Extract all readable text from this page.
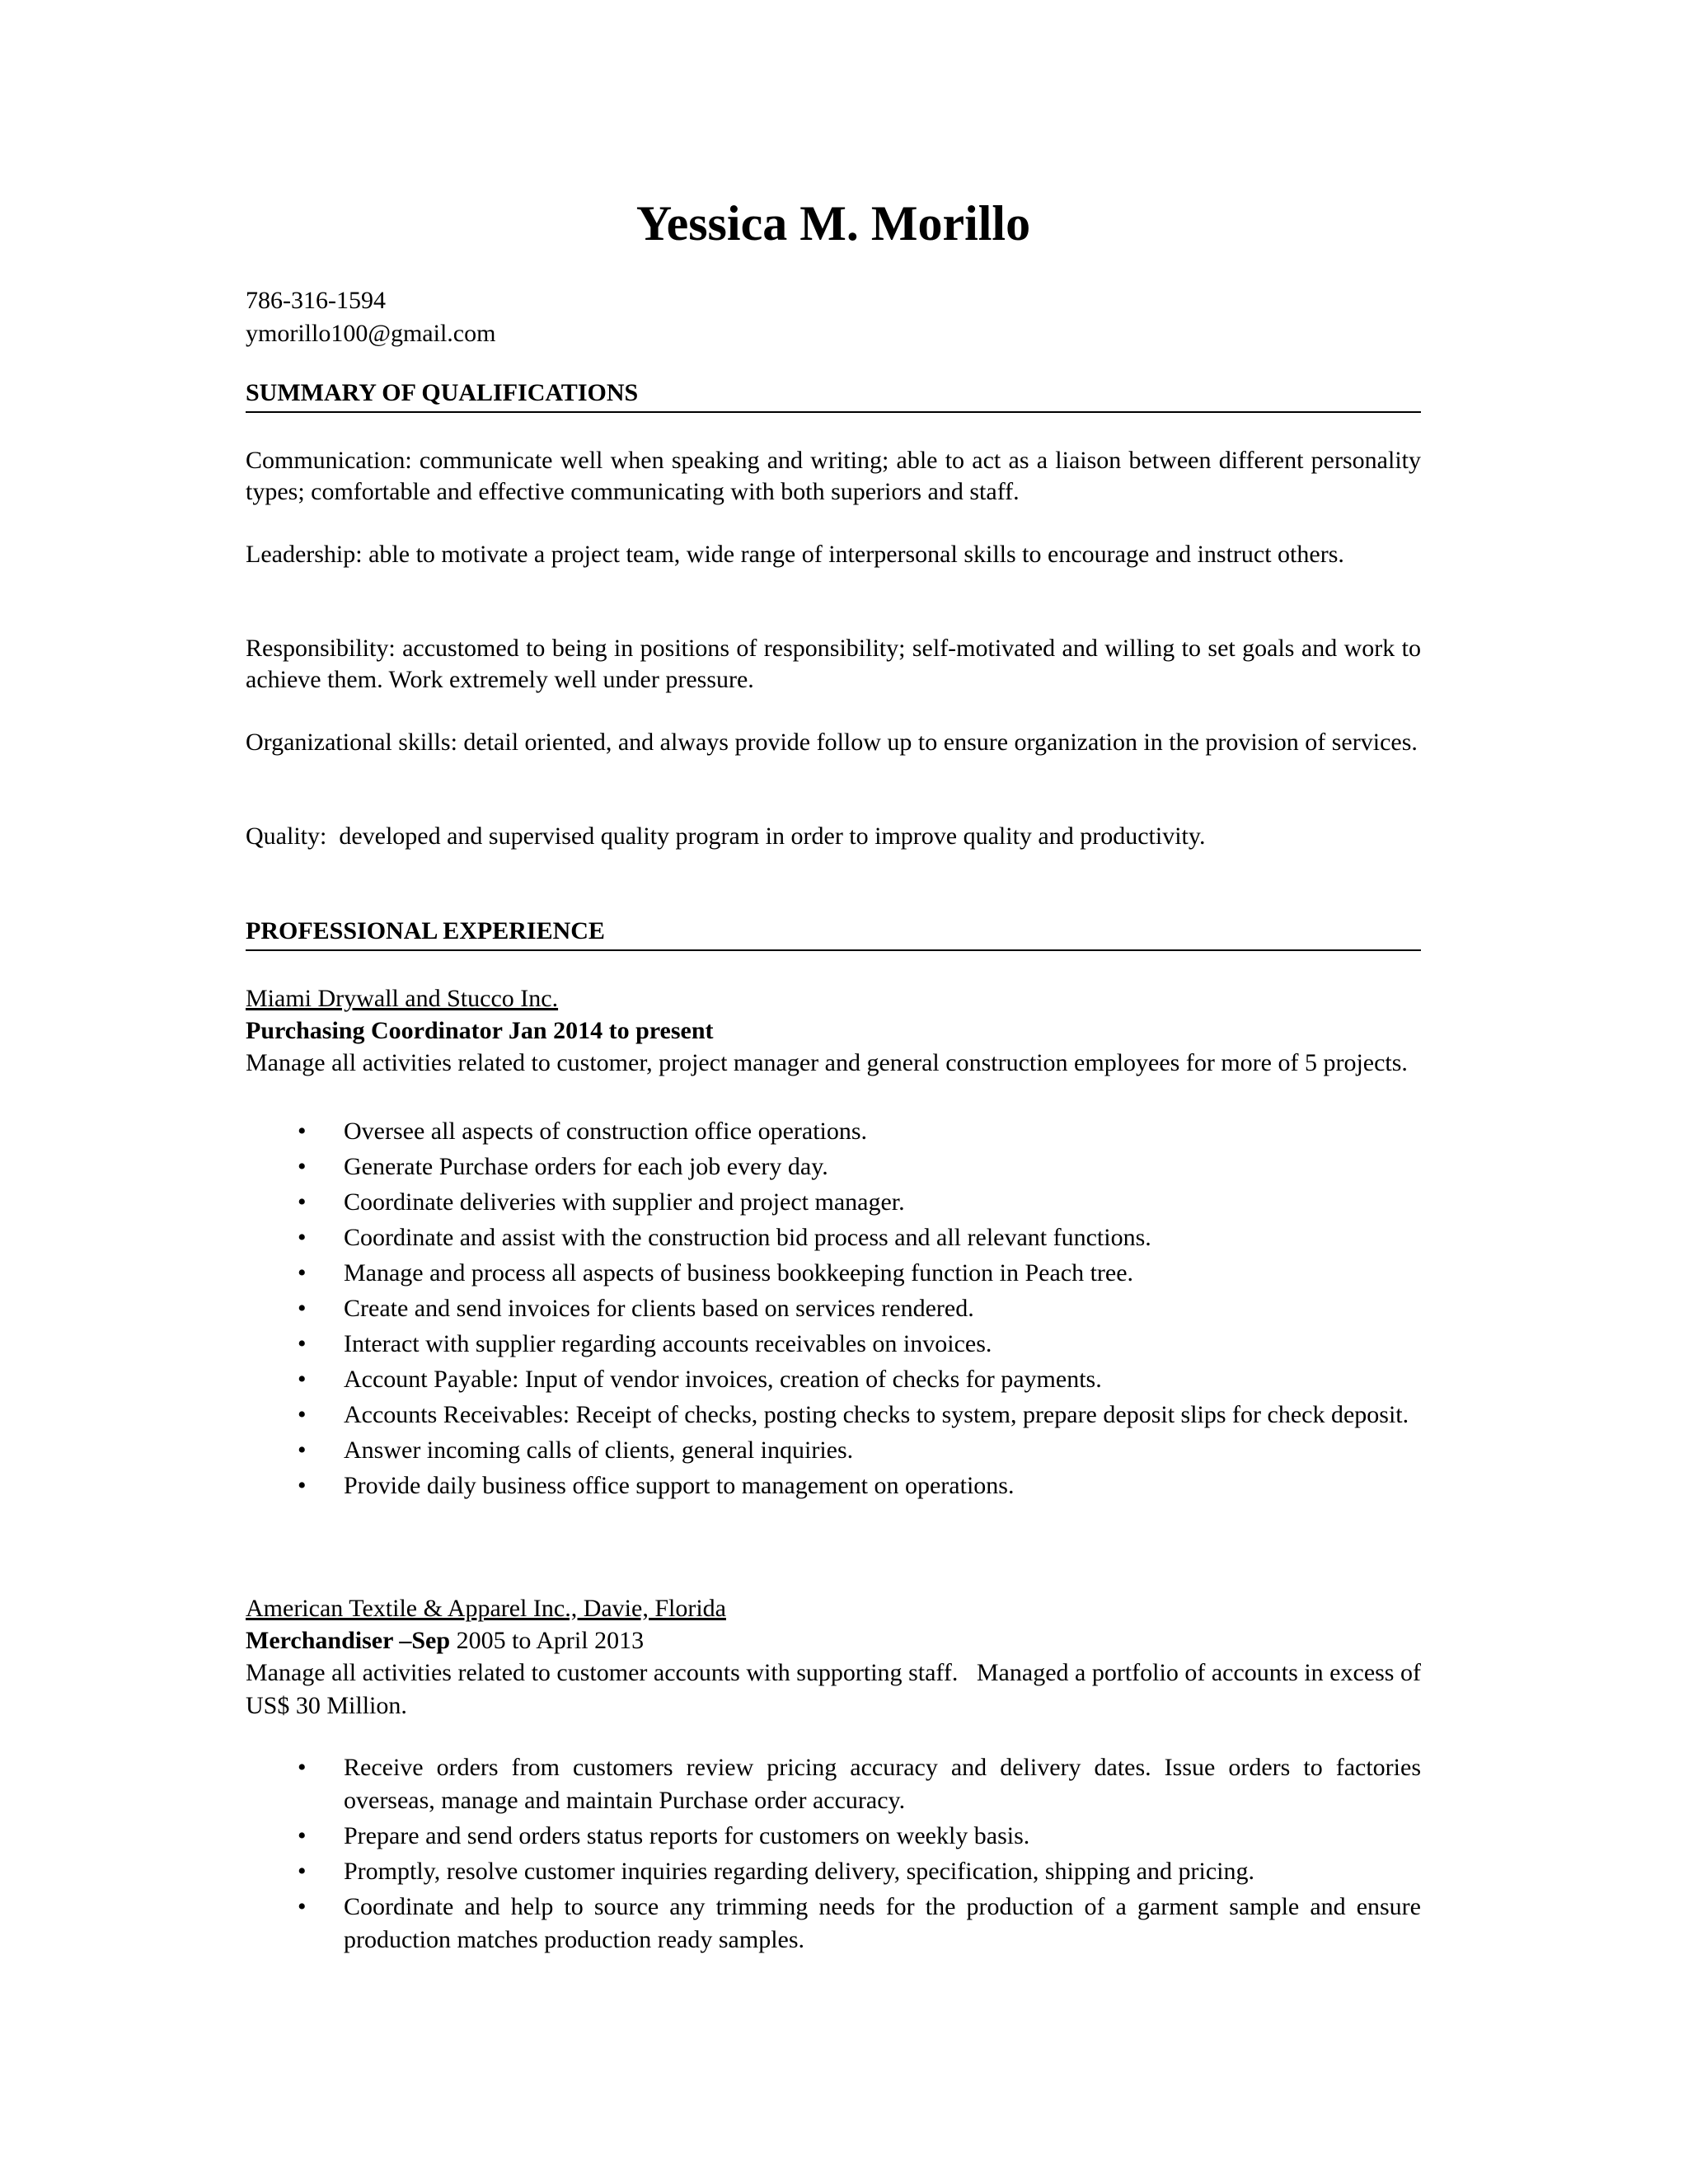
Yessica M. Morillo
786-316-1594
ymorillo100@gmail.com
SUMMARY OF QUALIFICATIONS
Communication: communicate well when speaking and writing; able to act as a liaison between different personality types; comfortable and effective communicating with both superiors and staff.
Leadership: able to motivate a project team, wide range of interpersonal skills to encourage and instruct others.
Responsibility: accustomed to being in positions of responsibility; self-motivated and willing to set goals and work to achieve them. Work extremely well under pressure.
Organizational skills: detail oriented, and always provide follow up to ensure organization in the provision of services.
Quality:  developed and supervised quality program in order to improve quality and productivity.
PROFESSIONAL EXPERIENCE
Miami Drywall and Stucco Inc.
Purchasing Coordinator Jan 2014 to present
Manage all activities related to customer, project manager and general construction employees for more of 5 projects.
• Oversee all aspects of construction office operations.
• Generate Purchase orders for each job every day.
• Coordinate deliveries with supplier and project manager.
• Coordinate and assist with the construction bid process and all relevant functions.
• Manage and process all aspects of business bookkeeping function in Peach tree.
• Create and send invoices for clients based on services rendered.
• Interact with supplier regarding accounts receivables on invoices.
• Account Payable: Input of vendor invoices, creation of checks for payments.
• Accounts Receivables: Receipt of checks, posting checks to system, prepare deposit slips for check deposit.
• Answer incoming calls of clients, general inquiries.
• Provide daily business office support to management on operations.
American Textile & Apparel Inc., Davie, Florida
Merchandiser –Sep 2005 to April 2013
Manage all activities related to customer accounts with supporting staff.   Managed a portfolio of accounts in excess of US$ 30 Million.
• Receive orders from customers review pricing accuracy and delivery dates. Issue orders to factories overseas, manage and maintain Purchase order accuracy.
• Prepare and send orders status reports for customers on weekly basis.
• Promptly, resolve customer inquiries regarding delivery, specification, shipping and pricing.
• Coordinate and help to source any trimming needs for the production of a garment sample and ensure production matches production ready samples.
